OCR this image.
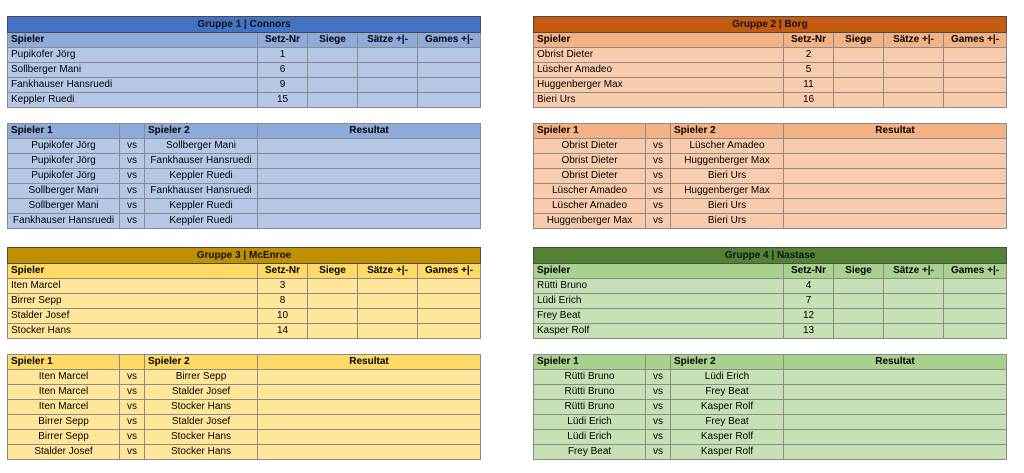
Gruppe 1 | Connors				
Spieler	Setz-Nr	Siege	Sätze +|-	Games +|-
Pupikofer Jörg	1			
Sollberger Mani	6			
Fankhauser Hansruedi	9			
Keppler Ruedi	15			
Spieler 1		Spieler 2	Resultat
Pupikofer Jörg	vs	Sollberger Mani	
Pupikofer Jörg	vs	Fankhauser Hansruedi	
Pupikofer Jörg	vs	Keppler Ruedi	
Sollberger Mani	vs	Fankhauser Hansruedi	
Sollberger Mani	vs	Keppler Ruedi	
Fankhauser Hansruedi	vs	Keppler Ruedi	
Gruppe 2 | Borg				
Spieler	Setz-Nr	Siege	Sätze +|-	Games +|-
Obrist Dieter	2			
Lüscher Amadeo	5			
Huggenberger Max	11			
Bieri Urs	16			
Spieler 1		Spieler 2	Resultat
Obrist Dieter	vs	Lüscher Amadeo	
Obrist Dieter	vs	Huggenberger Max	
Obrist Dieter	vs	Bieri Urs	
Lüscher Amadeo	vs	Huggenberger Max	
Lüscher Amadeo	vs	Bieri Urs	
Huggenberger Max	vs	Bieri Urs	
Gruppe 3 | McEnroe				
Spieler	Setz-Nr	Siege	Sätze +|-	Games +|-
Iten Marcel	3			
Birrer Sepp	8			
Stalder Josef	10			
Stocker Hans	14			
Spieler 1		Spieler 2	Resultat
Iten Marcel	vs	Birrer Sepp	
Iten Marcel	vs	Stalder Josef	
Iten Marcel	vs	Stocker Hans	
Birrer Sepp	vs	Stalder Josef	
Birrer Sepp	vs	Stocker Hans	
Stalder Josef	vs	Stocker Hans	
Gruppe 4 | Nastase				
Spieler	Setz-Nr	Siege	Sätze +|-	Games +|-
Rütti Bruno	4			
Lüdi Erich	7			
Frey Beat	12			
Kasper Rolf	13			
Spieler 1		Spieler 2	Resultat
Rütti Bruno	vs	Lüdi Erich	
Rütti Bruno	vs	Frey Beat	
Rütti Bruno	vs	Kasper Rolf	
Lüdi Erich	vs	Frey Beat	
Lüdi Erich	vs	Kasper Rolf	
Frey Beat	vs	Kasper Rolf	
